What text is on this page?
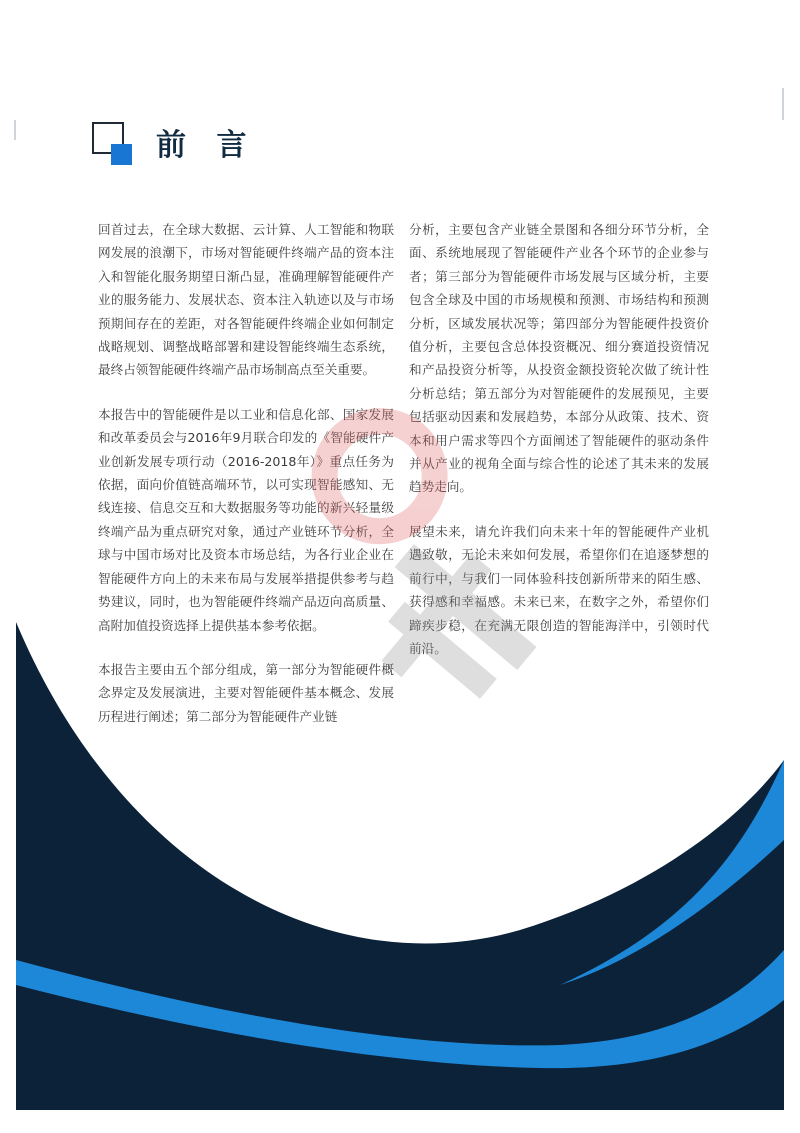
前 言

回首过去，在全球大数据、云计算、人工智能和物联网发展的浪潮下，市场对智能硬件终端产品的资本注入和智能化服务期望日渐凸显，准确理解智能硬件产业的服务能力、发展状态、资本注入轨迹以及与市场预期间存在的差距，对各智能硬件终端企业如何制定战略规划、调整战略部署和建设智能终端生态系统，最终占领智能硬件终端产品市场制高点至关重要。

本报告中的智能硬件是以工业和信息化部、国家发展和改革委员会与2016年9月联合印发的《智能硬件产业创新发展专项行动（2016-2018年）》重点任务为依据，面向价值链高端环节，以可实现智能感知、无线连接、信息交互和大数据服务等功能的新兴轻量级终端产品为重点研究对象，通过产业链环节分析，全球与中国市场对比及资本市场总结，为各行业企业在智能硬件方向上的未来布局与发展举措提供参考与趋势建议，同时，也为智能硬件终端产品迈向高质量、高附加值投资选择上提供基本参考依据。

本报告主要由五个部分组成，第一部分为智能硬件概念界定及发展演进，主要对智能硬件基本概念、发展历程进行阐述；第二部分为智能硬件产业链

分析，主要包含产业链全景图和各细分环节分析，全面、系统地展现了智能硬件产业各个环节的企业参与者；第三部分为智能硬件市场发展与区域分析，主要包含全球及中国的市场规模和预测、市场结构和预测分析，区域发展状况等；第四部分为智能硬件投资价值分析，主要包含总体投资概况、细分赛道投资情况和产品投资分析等，从投资金额投资轮次做了统计性分析总结；第五部分为对智能硬件的发展预见，主要包括驱动因素和发展趋势，本部分从政策、技术、资本和用户需求等四个方面阐述了智能硬件的驱动条件并从产业的视角全面与综合性的论述了其未来的发展趋势走向。

展望未来，请允许我们向未来十年的智能硬件产业机遇致敬，无论未来如何发展，希望你们在追逐梦想的前行中，与我们一同体验科技创新所带来的陌生感、获得感和幸福感。未来已来，在数字之外，希望你们蹄疾步稳，在充满无限创造的智能海洋中，引领时代前沿。
